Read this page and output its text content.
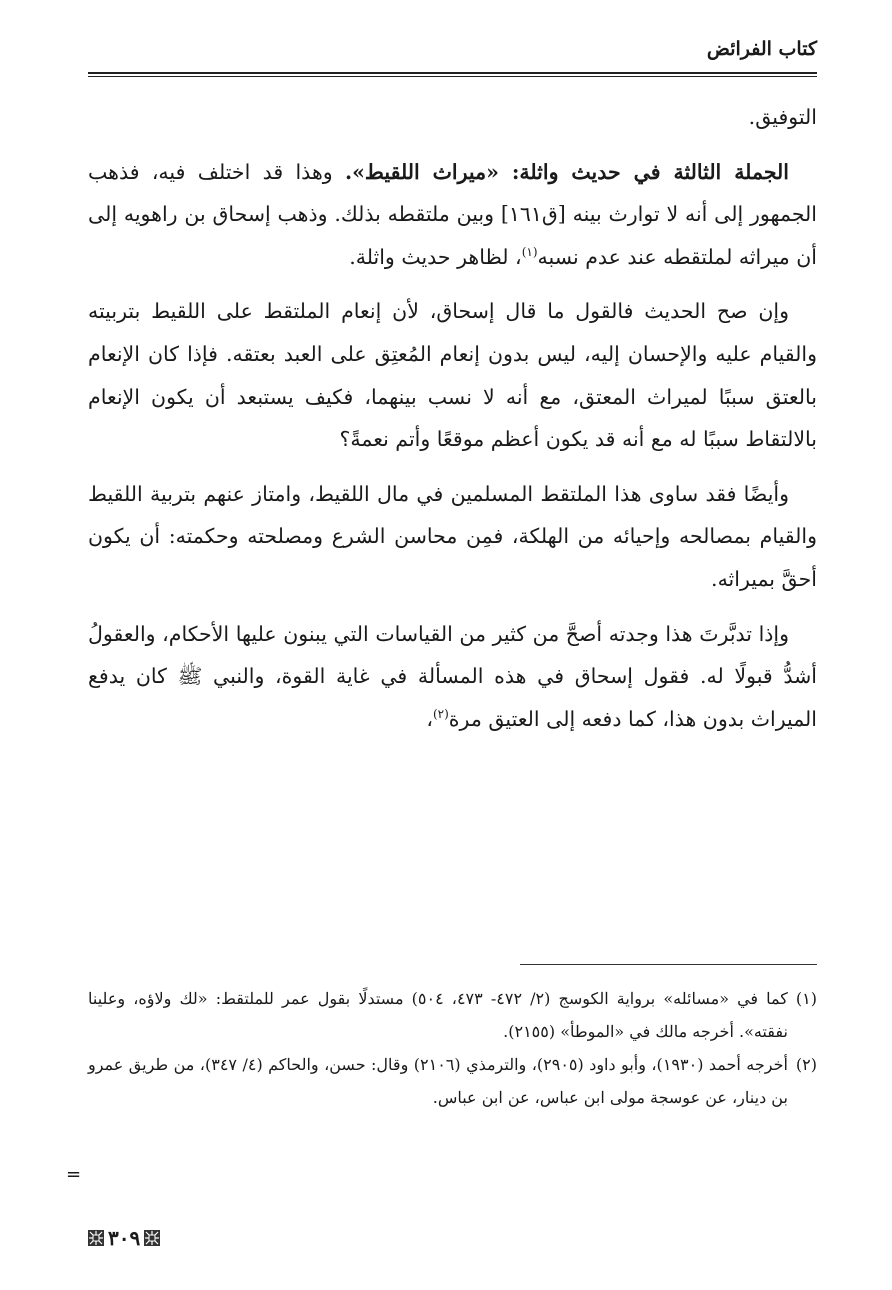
كتاب الفرائض

التوفيق.

الجملة الثالثة في حديث واثلة: «ميراث اللقيط». وهذا قد اختلف فيه، فذهب الجمهور إلى أنه لا توارث بينه [ق١٦١] وبين ملتقطه بذلك. وذهب إسحاق بن راهويه إلى أن ميراثه لملتقطه عند عدم نسبه$^{(١)}$، لظاهر حديث واثلة.

وإن صح الحديث فالقول ما قال إسحاق، لأن إنعام الملتقط على اللقيط بتربيته والقيام عليه والإحسان إليه، ليس بدون إنعام المُعتِق على العبد بعتقه. فإذا كان الإنعام بالعتق سببًا لميراث المعتق، مع أنه لا نسب بينهما، فكيف يستبعد أن يكون الإنعام بالالتقاط سببًا له مع أنه قد يكون أعظم موقعًا وأتم نعمةً؟

وأيضًا فقد ساوى هذا الملتقط المسلمين في مال اللقيط، وامتاز عنهم بتربية اللقيط والقيام بمصالحه وإحيائه من الهلكة، فمِن محاسن الشرع ومصلحته وحكمته: أن يكون أحقَّ بميراثه.

وإذا تدبَّرتَ هذا وجدته أصحَّ من كثير من القياسات التي يبنون عليها الأحكام، والعقولُ أشدُّ قبولًا له. فقول إسحاق في هذه المسألة في غاية القوة، والنبي ﷺ كان يدفع الميراث بدون هذا، كما دفعه إلى العتيق مرة$^{(٢)}$،

(١)
كما في «مسائله» برواية الكوسج (٢/ ٤٧٢- ٤٧٣، ٥٠٤) مستدلًا بقول عمر للملتقط: «لك ولاؤه، وعلينا نفقته». أخرجه مالك في «الموطأ» (٢١٥٥).
(٢)
أخرجه أحمد (١٩٣٠)، وأبو داود (٢٩٠٥)، والترمذي (٢١٠٦) وقال: حسن، والحاكم (٤/ ٣٤٧)، من طريق عمرو بن دينار، عن عوسجة مولى ابن عباس، عن ابن عباس.
=
٣٠٩
